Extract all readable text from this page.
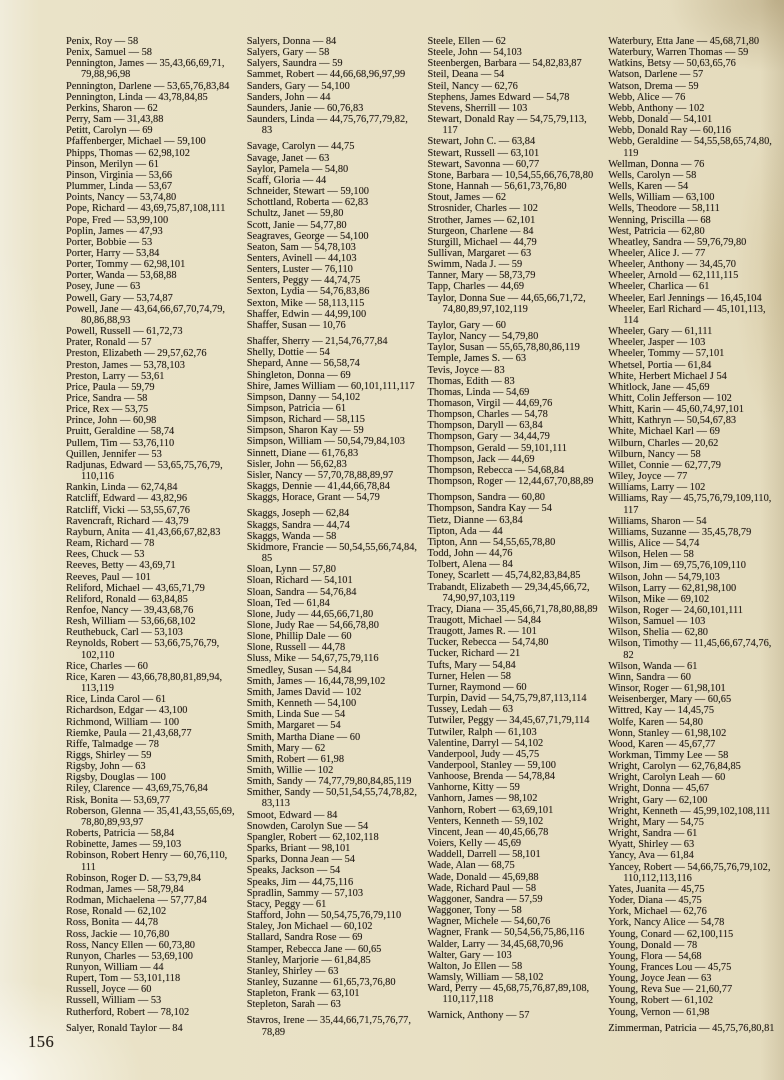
Penix, Roy — 58

Penix, Samuel — 58

Pennington, James — 35,​43,​66,​69,​71,​79,​88,​96,​98

Pennington, Darlene — 53,​65,​76,​83,​84

Pennington, Linda — 43,​78,​84,​85

Perkins, Sharon — 62

Perry, Sam — 31,​43,​88

Petitt, Carolyn — 69

Pfaffenberger, Michael — 59,​100

Phipps, Thomas — 62,​98,​102

Pinson, Merilyn — 61

Pinson, Virginia — 53,​66

Plummer, Linda — 53,​67

Points, Nancy — 53,​74,​80

Pope, Richard — 43,​69,​75,​87,​108,​111

Pope, Fred — 53,​99,​100

Poplin, James — 47,​93

Porter, Bobbie — 53

Porter, Harry — 53,​84

Porter, Tommy — 62,​98,​101

Porter, Wanda — 53,​68,​88

Posey, June — 63

Powell, Gary — 53,​74,​87

Powell, Jane — 43,​64,​66,​67,​70,​74,​79,​80,​86,​88,​93

Powell, Russell — 61,​72,​73

Prater, Ronald — 57

Preston, Elizabeth — 29,​57,​62,​76

Preston, James — 53,​78,​103

Preston, Larry — 53,​61

Price, Paula — 59,​79

Price, Sandra — 58

Price, Rex — 53,​75

Prince, John — 60,​98

Pruitt, Geraldine — 58,​74

Pullem, Tim — 53,​76,​110

Quillen, Jennifer — 53

Radjunas, Edward — 53,​65,​75,​76,​79,​110,​116

Rankin, Linda — 62,​74,​84

Ratcliff, Edward — 43,​82,​96

Ratcliff, Vicki — 53,​55,​67,​76

Ravencraft, Richard — 43,​79

Rayburn, Anita — 41,​43,​66,​67,​82,​83

Ream, Richard — 78

Rees, Chuck — 53

Reeves, Betty — 43,​69,​71

Reeves, Paul — 101

Reliford, Michael — 43,​65,​71,​79

Reliford, Ronald — 63,​84,​85

Renfoe, Nancy — 39,​43,​68,​76

Resh, William — 53,​66,​68,​102

Reuthebuck, Carl — 53,​103

Reynolds, Robert — 53,​66,​75,​76,​79,​102,​110

Rice, Charles — 60

Rice, Karen — 43,​66,​78,​80,​81,​89,​94,​113,​119

Rice, Linda Carol — 61

Richardson, Edgar — 43,​100

Richmond, William — 100

Riemke, Paula — 21,​43,​68,​77

Riffe, Talmadge — 78

Riggs, Shirley — 59

Rigsby, John — 63

Rigsby, Douglas — 100

Riley, Clarence — 43,​69,​75,​76,​84

Risk, Bonita — 53,​69,​77

Roberson, Glenna — 35,​41,​43,​55,​65,​69,​78,​80,​89,​93,​97

Roberts, Patricia — 58,​84

Robinette, James — 59,​103

Robinson, Robert Henry — 60,​76,​110,​111

Robinson, Roger D. — 53,​79,​84

Rodman, James — 58,​79,​84

Rodman, Michaelena — 57,​77,​84

Rose, Ronald — 62,​102

Ross, Bonita — 44,​78

Ross, Jackie — 10,​76,​80

Ross, Nancy Ellen — 60,​73,​80

Runyon, Charles — 53,​69,​100

Runyon, William — 44

Rupert, Tom — 53,​101,​118

Russell, Joyce — 60

Russell, William — 53

Rutherford, Robert — 78,​102

Salyer, Ronald Taylor — 84

Salyers, Donna — 84

Salyers, Gary — 58

Salyers, Saundra — 59

Sammet, Robert — 44,​66,​68,​96,​97,​99

Sanders, Gary — 54,​100

Sanders, John — 44

Saunders, Janie — 60,​76,​83

Saunders, Linda — 44,​75,​76,​77,​79,​82,​83

Savage, Carolyn — 44,​75

Savage, Janet — 63

Saylor, Pamela — 54,​80

Scaff, Gloria — 44

Schneider, Stewart — 59,​100

Schottland, Roberta — 62,​83

Schultz, Janet — 59,​80

Scott, Janie — 54,​77,​80

Seagraves, George — 54,​100

Seaton, Sam — 54,​78,​103

Senters, Avinell — 44,​103

Senters, Luster — 76,​110

Senters, Peggy — 44,​74,​75

Sexton, Lydia — 54,​76,​83,​86

Sexton, Mike — 58,​113,​115

Shaffer, Edwin — 44,​99,​100

Shaffer, Susan — 10,​76

Shaffer, Sherry — 21,​54,​76,​77,​84

Shelly, Dottie — 54

Shepard, Anne — 56,​58,​74

Shingleton, Donna — 69

Shire, James William — 60,​101,​111,​117

Simpson, Danny — 54,​102

Simpson, Patricia — 61

Simpson, Richard — 58,​115

Simpson, Sharon Kay — 59

Simpson, William — 50,​54,​79,​84,​103

Sinnett, Diane — 61,​76,​83

Sisler, John — 56,​62,​83

Sisler, Nancy — 57,​70,​78,​88,​89,​97

Skaggs, Dennie — 41,​44,​66,​78,​84

Skaggs, Horace, Grant — 54,​79

Skaggs, Joseph — 62,​84

Skaggs, Sandra — 44,​74

Skaggs, Wanda — 58

Skidmore, Francie — 50,​54,​55,​66,​74,​84,​85

Sloan, Lynn — 57,​80

Sloan, Richard — 54,​101

Sloan, Sandra — 54,​76,​84

Sloan, Ted — 61,​84

Slone, Judy — 44,​65,​66,​71,​80

Slone, Judy Rae — 54,​66,​78,​80

Slone, Phillip Dale — 60

Slone, Russell — 44,​78

Sluss, Mike — 54,​67,​75,​79,​116

Smedley, Susan — 54,​84

Smith, James — 16,​44,​78,​99,​102

Smith, James David — 102

Smith, Kenneth — 54,​100

Smith, Linda Sue — 54

Smith, Margaret — 54

Smith, Martha Diane — 60

Smith, Mary — 62

Smith, Robert — 61,​98

Smith, Willie — 102

Smith, Sandy — 74,​77,​79,​80,​84,​85,​119

Smither, Sandy — 50,​51,​54,​55,​74,​78,​82,​83,​113

Smoot, Edward — 84

Snowden, Carolyn Sue — 54

Spangler, Robert — 62,​102,​118

Sparks, Briant — 98,​101

Sparks, Donna Jean — 54

Speaks, Jackson — 54

Speaks, Jim — 44,​75,​116

Spradlin, Sammy — 57,​103

Stacy, Peggy — 61

Stafford, John — 50,​54,​75,​76,​79,​110

Staley, Jon Michael — 60,​102

Stallard, Sandra Rose — 69

Stamper, Rebecca Jane — 60,​65

Stanley, Marjorie — 61,​84,​85

Stanley, Shirley — 63

Stanley, Suzanne — 61,​65,​73,​76,​80

Stapleton, Frank — 63,​101

Stepleton, Sarah — 63

Stavros, Irene — 35,​44,​66,​71,​75,​76,​77,​78,​89

Steele, Ellen — 62

Steele, John — 54,​103

Steenbergen, Barbara — 54,​82,​83,​87

Steil, Deana — 54

Steil, Nancy — 62,​76

Stephens, James Edward — 54,​78

Stevens, Sherrill — 103

Stewart, Donald Ray — 54,​75,​79,​113,​117

Stewart, John C. — 63,​84

Stewart, Russell — 63,​101

Stewart, Savonna — 60,​77

Stone, Barbara — 10,​54,​55,​66,​76,​78,​80

Stone, Hannah — 56,​61,​73,​76,​80

Stout, James — 62

Strosnider, Charles — 102

Strother, James — 62,​101

Sturgeon, Charlene — 84

Sturgill, Michael — 44,​79

Sullivan, Margaret — 63

Swimm, Nada J. — 59

Tanner, Mary — 58,​73,​79

Tapp, Charles — 44,​69

Taylor, Donna Sue — 44,​65,​66,​71,​72,​74,​80,​89,​97,​102,​119

Taylor, Gary — 60

Taylor, Nancy — 54,​79,​80

Taylor, Susan — 55,​65,​78,​80,​86,​119

Temple, James S. — 63

Tevis, Joyce — 83

Thomas, Edith — 83

Thomas, Linda — 54,​69

Thomason, Virgil — 44,​69,​76

Thompson, Charles — 54,​78

Thompson, Daryll — 63,​84

Thompson, Gary — 34,​44,​79

Thompson, Gerald — 59,​101,​111

Thompson, Jack — 44,​69

Thompson, Rebecca — 54,​68,​84

Thompson, Roger — 12,​44,​67,​70,​88,​89

Thompson, Sandra — 60,​80

Thompson, Sandra Kay — 54

Tietz, Dianne — 63,​84

Tipton, Ada — 44

Tipton, Ann — 54,​55,​65,​78,​80

Todd, John — 44,​76

Tolbert, Alena — 84

Toney, Scarlett — 45,​74,​82,​83,​84,​85

Trabandt, Elizabeth — 29,​34,​45,​66,​72,​74,​90,​97,​103,​119

Tracy, Diana — 35,​45,​66,​71,​78,​80,​88,​89

Traugott, Michael — 54,​84

Traugott, James R. — 101

Tucker, Rebecca — 54,​74,​80

Tucker, Richard — 21

Tufts, Mary — 54,​84

Turner, Helen — 58

Turner, Raymond — 60

Turpin, David — 54,​75,​79,​87,​113,​114

Tussey, Ledah — 63

Tutwiler, Peggy — 34,​45,​67,​71,​79,​114

Tutwiler, Ralph — 61,​103

Valentine, Darryl — 54,​102

Vanderpool, Judy — 45,​75

Vanderpool, Stanley — 59,​100

Vanhoose, Brenda — 54,​78,​84

Vanhorne, Kitty — 59

Vanhorn, James — 98,​102

Vanhorn, Robert — 63,​69,​101

Venters, Kenneth — 59,​102

Vincent, Jean — 40,​45,​66,​78

Voiers, Kelly — 45,​69

Waddell, Darrell — 58,​101

Wade, Alan — 68,​75

Wade, Donald — 45,​69,​88

Wade, Richard Paul — 58

Waggoner, Sandra — 57,​59

Waggoner, Tony — 58

Wagner, Michele — 54,​60,​76

Wagner, Frank — 50,​54,​56,​75,​86,​116

Walder, Larry — 34,​45,​68,​70,​96

Walter, Gary — 103

Walton, Jo Ellen — 58

Wamsly, William — 58,​102

Ward, Perry — 45,​68,​75,​76,​87,​89,​108,​110,​117,​118

Warnick, Anthony — 57

Waterbury, Etta Jane — 45,​68,​71,​80

Waterbury, Warren Thomas — 59

Watkins, Betsy — 50,​63,​65,​76

Watson, Darlene — 57

Watson, Drema — 59

Webb, Alice — 76

Webb, Anthony — 102

Webb, Donald — 54,​101

Webb, Donald Ray — 60,​116

Webb, Geraldine — 54,​55,​58,​65,​74,​80,​119

Wellman, Donna — 76

Wells, Carolyn — 58

Wells, Karen — 54

Wells, William — 63,​100

Wells, Theodore — 58,​111

Wenning, Priscilla — 68

West, Patricia — 62,​80

Wheatley, Sandra — 59,​76,​79,​80

Wheeler, Alice J. — 77

Wheeler, Anthony — 34,​45,​70

Wheeler, Arnold — 62,​111,​115

Wheeler, Charlica — 61

Wheeler, Earl Jennings — 16,​45,​104

Wheeler, Earl Richard — 45,​101,​113,​114

Wheeler, Gary — 61,​111

Wheeler, Jasper — 103

Wheeler, Tommy — 57,​101

Whetsel, Portia — 61,​84

White, Herbert Michael J 54

Whitlock, Jane — 45,​69

Whitt, Colin Jefferson — 102

Whitt, Karin — 45,​60,​74,​97,​101

Whitt, Kathryn — 50,​54,​67,​83

White, Michael Karl — 69

Wilburn, Charles — 20,​62

Wilburn, Nancy — 58

Willet, Connie — 62,​77,​79

Wiley, Joyce — 77

Williams, Larry — 102

Williams, Ray — 45,​75,​76,​79,​109,​110,​117

Williams, Sharon — 54

Williams, Suzanne — 35,​45,​78,​79

Willis, Alice — 54,​74

Wilson, Helen — 58

Wilson, Jim — 69,​75,​76,​109,​110

Wilson, John — 54,​79,​103

Wilson, Larry — 62,​81,​98,​100

Wilson, Mike — 69,​102

Wilson, Roger — 24,​60,​101,​111

Wilson, Samuel — 103

Wilson, Shelia — 62,​80

Wilson, Timothy — 11,​45,​66,​67,​74,​76,​82

Wilson, Wanda — 61

Winn, Sandra — 60

Winsor, Roger — 61,​98,​101

Weisenberger, Mary — 60,​65

Wittred, Kay — 14,​45,​75

Wolfe, Karen — 54,​80

Wonn, Stanley — 61,​98,​102

Wood, Karen — 45,​67,​77

Workman, Timmy Lee — 58

Wright, Carolyn — 62,​76,​84,​85

Wright, Carolyn Leah — 60

Wright, Donna — 45,​67

Wright, Gary — 62,​100

Wright, Kenneth — 45,​99,​102,​108,​111

Wright, Mary — 54,​75

Wright, Sandra — 61

Wyatt, Shirley — 63

Yancy, Ava — 61,​84

Yancey, Robert — 54,​66,​75,​76,​79,​102,​110,​112,​113,​116

Yates, Juanita — 45,​75

Yoder, Diana — 45,​75

York, Michael — 62,​76

York, Nancy Alice — 54,​78

Young, Conard — 62,​100,​115

Young, Donald — 78

Young, Flora — 54,​68

Young, Frances Lou — 45,​75

Young, Joyce Jean — 63

Young, Reva Sue — 21,​60,​77

Young, Robert — 61,​102

Young, Vernon — 61,​98

Zimmerman, Patricia — 45,​75,​76,​80,​81

156
